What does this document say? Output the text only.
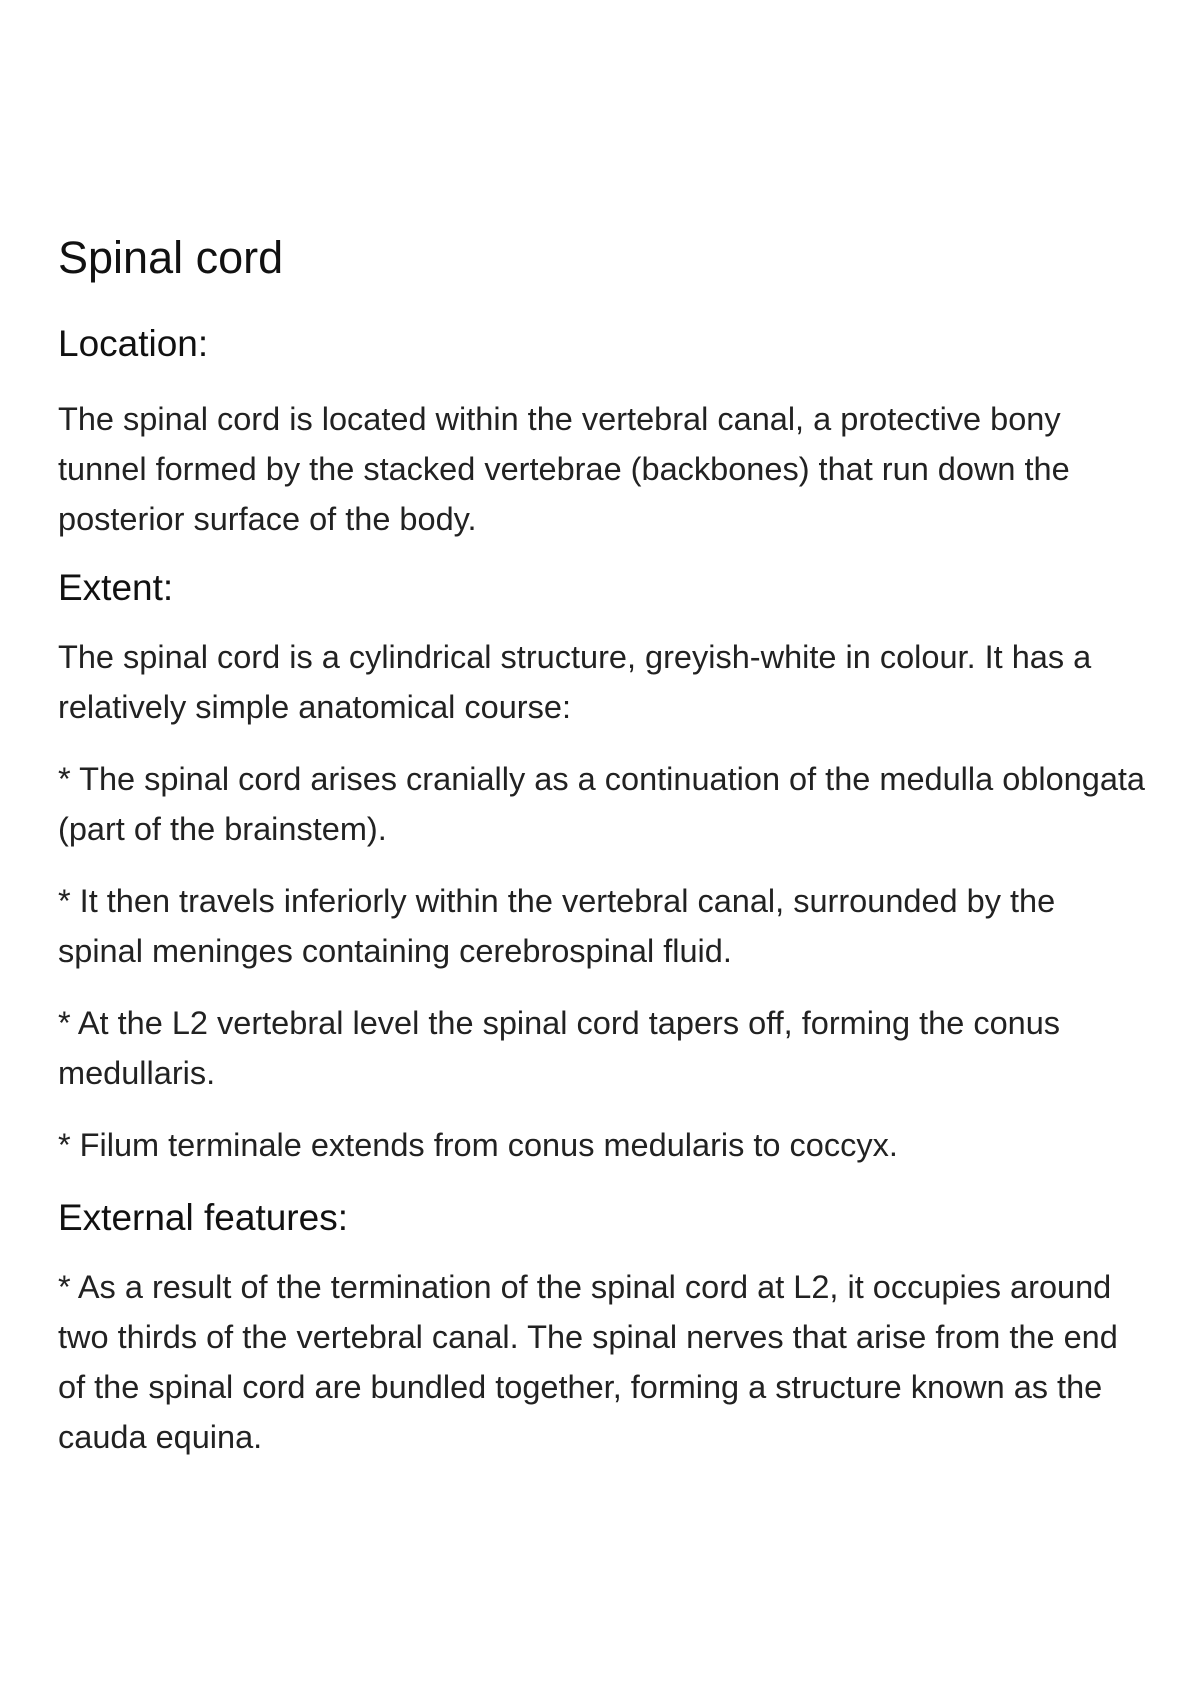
Spinal cord
Location:

The spinal cord is located within the vertebral canal, a protective bony tunnel formed by the stacked vertebrae (backbones) that run down the posterior surface of the body.

Extent:

The spinal cord is a cylindrical structure, greyish-white in colour. It has a relatively simple anatomical course:

* The spinal cord arises cranially as a continuation of the medulla oblongata (part of the brainstem).
* It then travels inferiorly within the vertebral canal, surrounded by the spinal meninges containing cerebrospinal fluid.
* At the L2 vertebral level the spinal cord tapers off, forming the conus medullaris.
* Filum terminale extends from conus medularis to coccyx.
External features:
* As a result of the termination of the spinal cord at L2, it occupies around two thirds of the vertebral canal. The spinal nerves that arise from the end of the spinal cord are bundled together, forming a structure known as the cauda equina.
